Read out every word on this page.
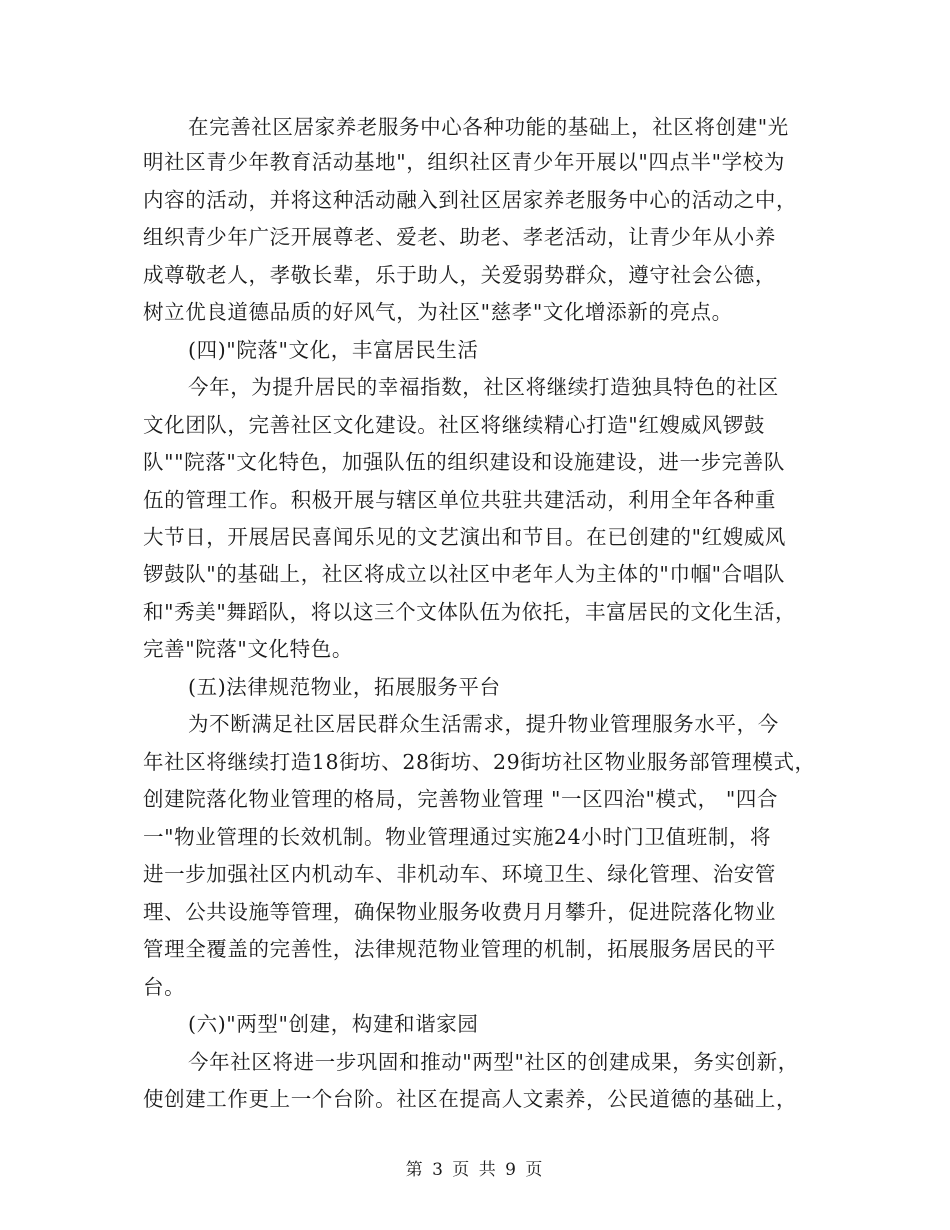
在完善社区居家养老服务中心各种功能的基础上，社区将创建"光
明社区青少年教育活动基地"，组织社区青少年开展以"四点半"学校为
内容的活动，并将这种活动融入到社区居家养老服务中心的活动之中，
组织青少年广泛开展尊老、爱老、助老、孝老活动，让青少年从小养
成尊敬老人，孝敬长辈，乐于助人，关爱弱势群众，遵守社会公德，
树立优良道德品质的好风气，为社区"慈孝"文化增添新的亮点。
(四)"院落"文化，丰富居民生活
今年，为提升居民的幸福指数，社区将继续打造独具特色的社区
文化团队，完善社区文化建设。社区将继续精心打造"红嫂威风锣鼓
队""院落"文化特色，加强队伍的组织建设和设施建设，进一步完善队
伍的管理工作。积极开展与辖区单位共驻共建活动，利用全年各种重
大节日，开展居民喜闻乐见的文艺演出和节目。在已创建的"红嫂威风
锣鼓队"的基础上，社区将成立以社区中老年人为主体的"巾帼"合唱队
和"秀美"舞蹈队，将以这三个文体队伍为依托，丰富居民的文化生活，
完善"院落"文化特色。
(五)法律规范物业，拓展服务平台
为不断满足社区居民群众生活需求，提升物业管理服务水平，今
年社区将继续打造18街坊、28街坊、29街坊社区物业服务部管理模式，
创建院落化物业管理的格局，完善物业管理 "一区四治"模式， "四合
一"物业管理的长效机制。物业管理通过实施24小时门卫值班制，将
进一步加强社区内机动车、非机动车、环境卫生、绿化管理、治安管
理、公共设施等管理，确保物业服务收费月月攀升，促进院落化物业
管理全覆盖的完善性，法律规范物业管理的机制，拓展服务居民的平
台。
(六)"两型"创建，构建和谐家园
今年社区将进一步巩固和推动"两型"社区的创建成果，务实创新，
使创建工作更上一个台阶。社区在提高人文素养，公民道德的基础上，
第 3 页 共 9 页
